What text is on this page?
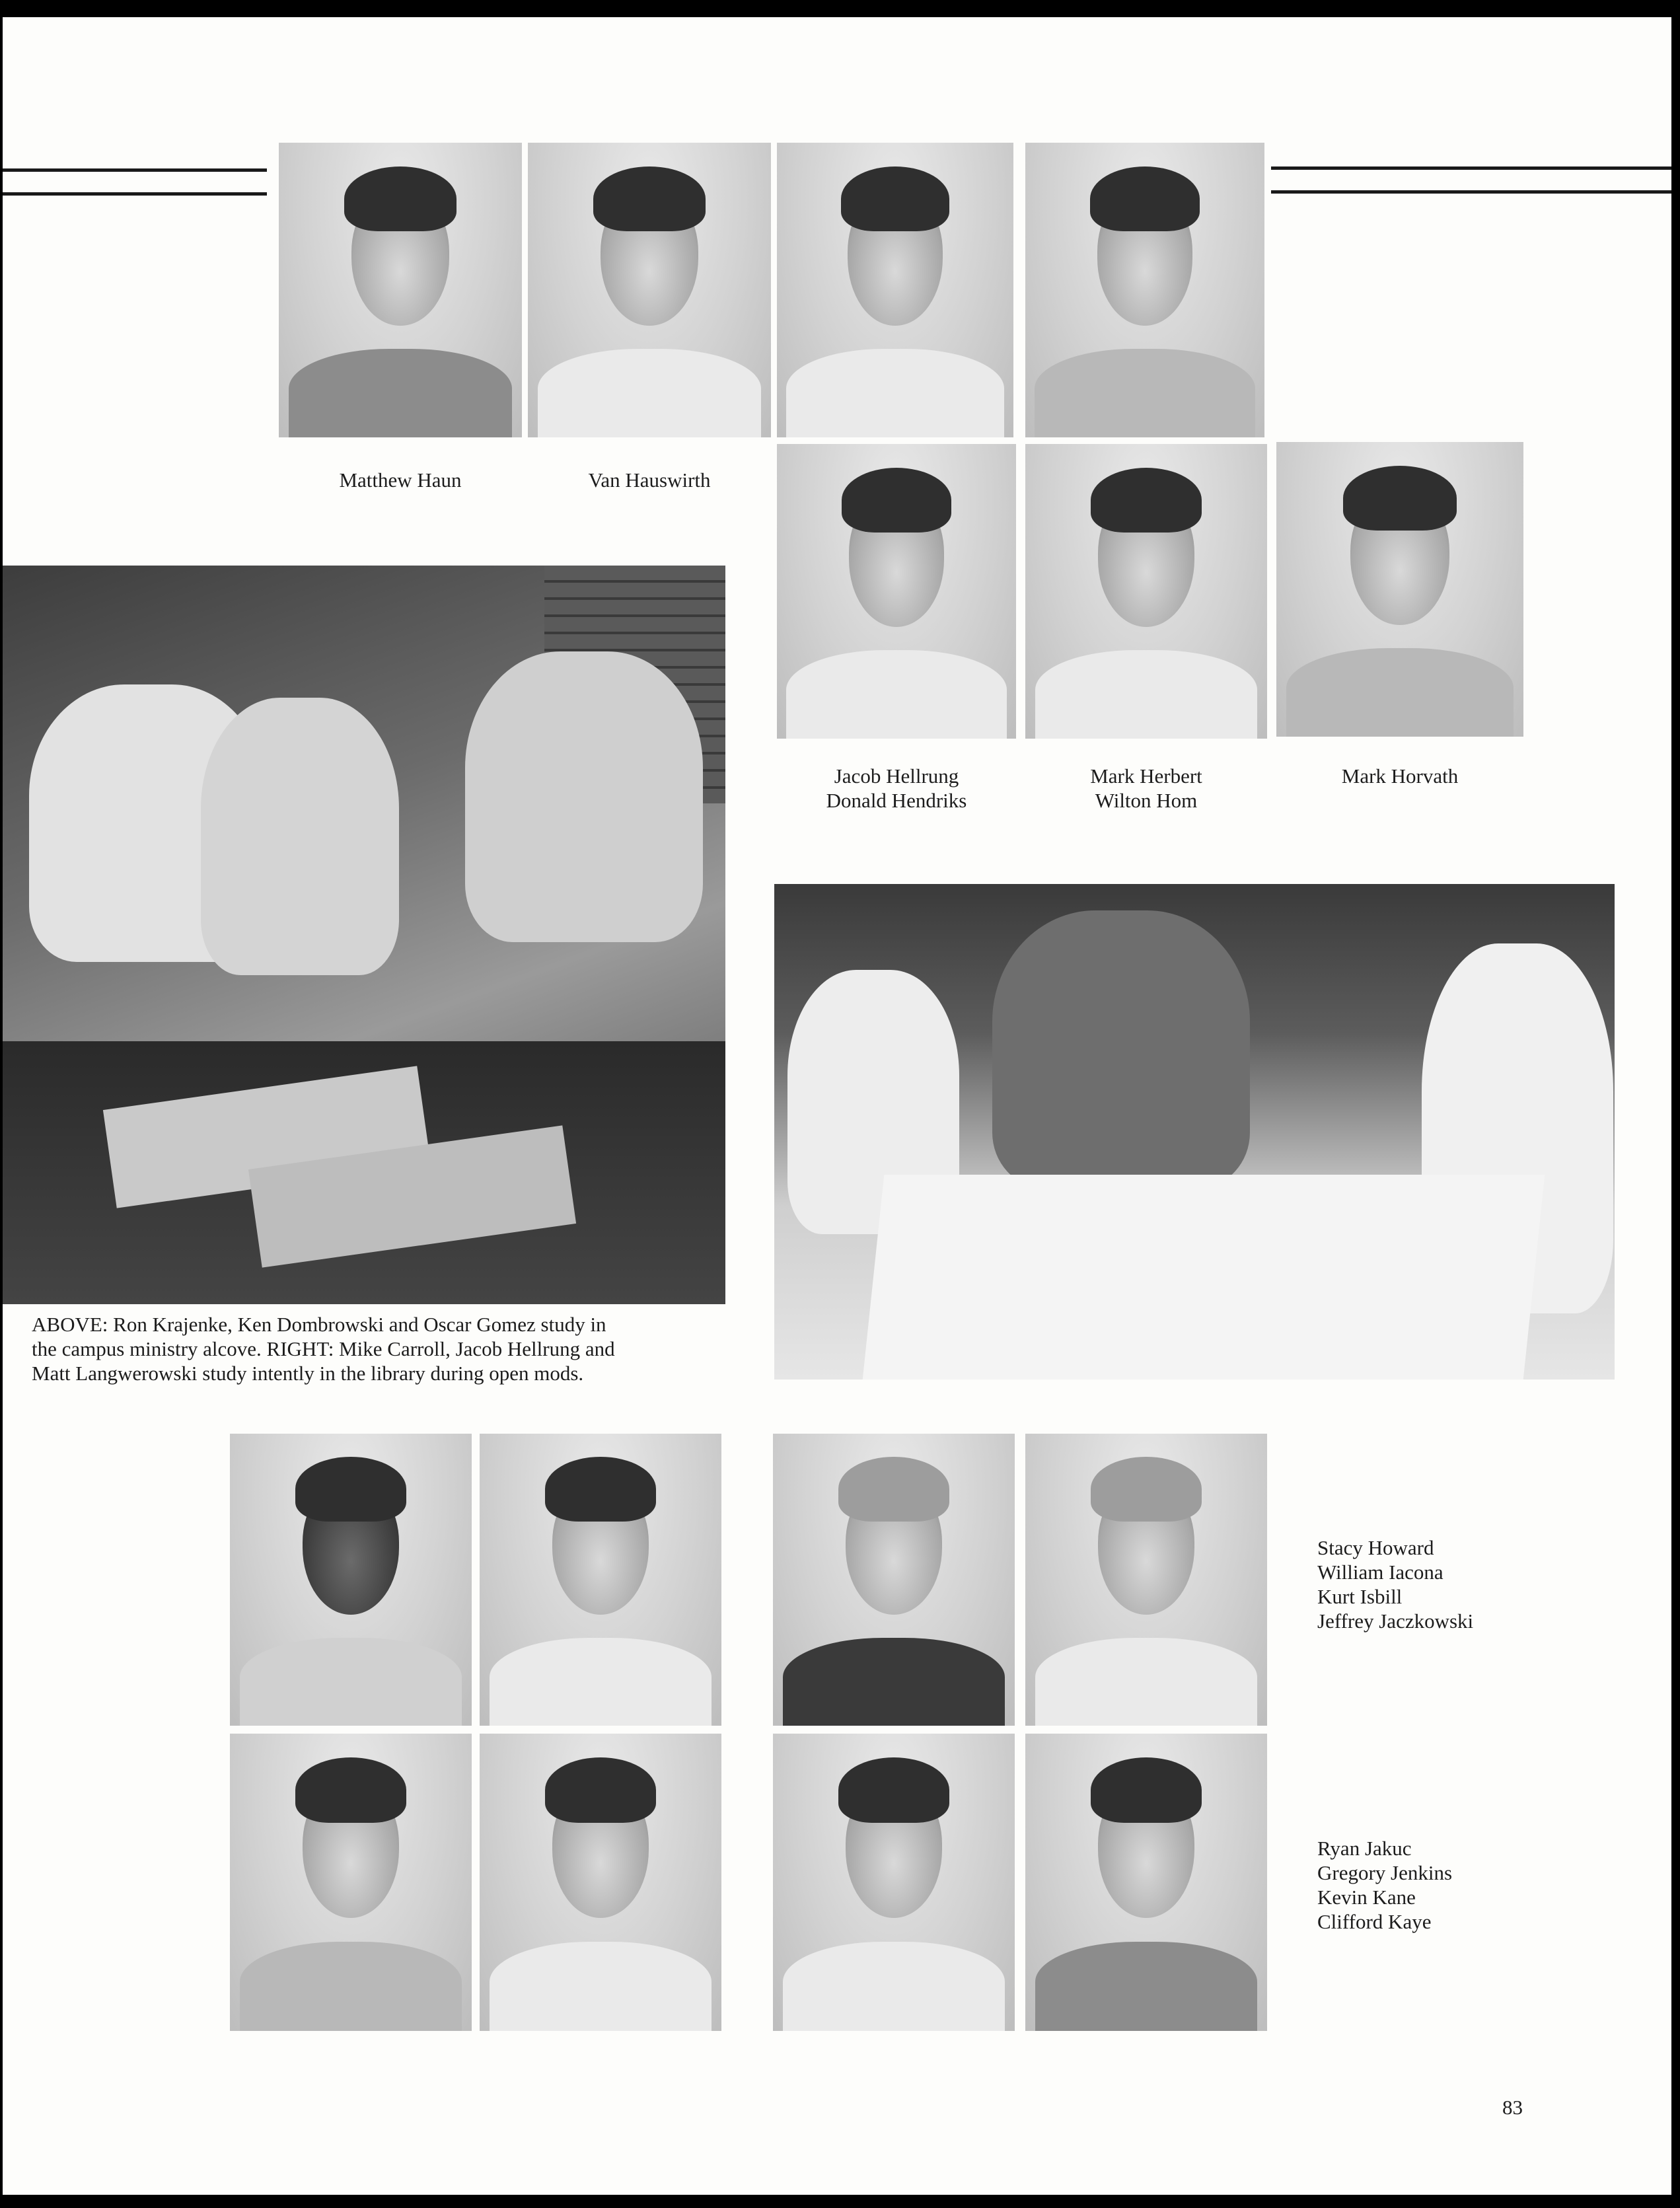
Matthew Haun	Van Hauswirth
Jacob Hellrung
Donald Hendriks
Mark Herbert
Wilton Hom
Mark Horvath
ABOVE: Ron Krajenke, Ken Dombrowski and Oscar Gomez study in
the campus ministry alcove. RIGHT: Mike Carroll, Jacob Hellrung and
Matt Langwerowski study intently in the library during open mods.
Stacy Howard
William Iacona
Kurt Isbill
Jeffrey Jaczkowski
Ryan Jakuc
Gregory Jenkins
Kevin Kane
Clifford Kaye
83
